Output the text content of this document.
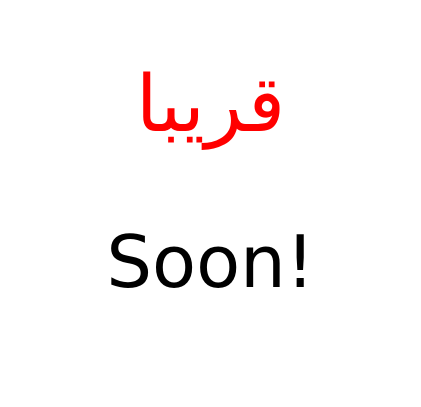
قريبا
Soon!
